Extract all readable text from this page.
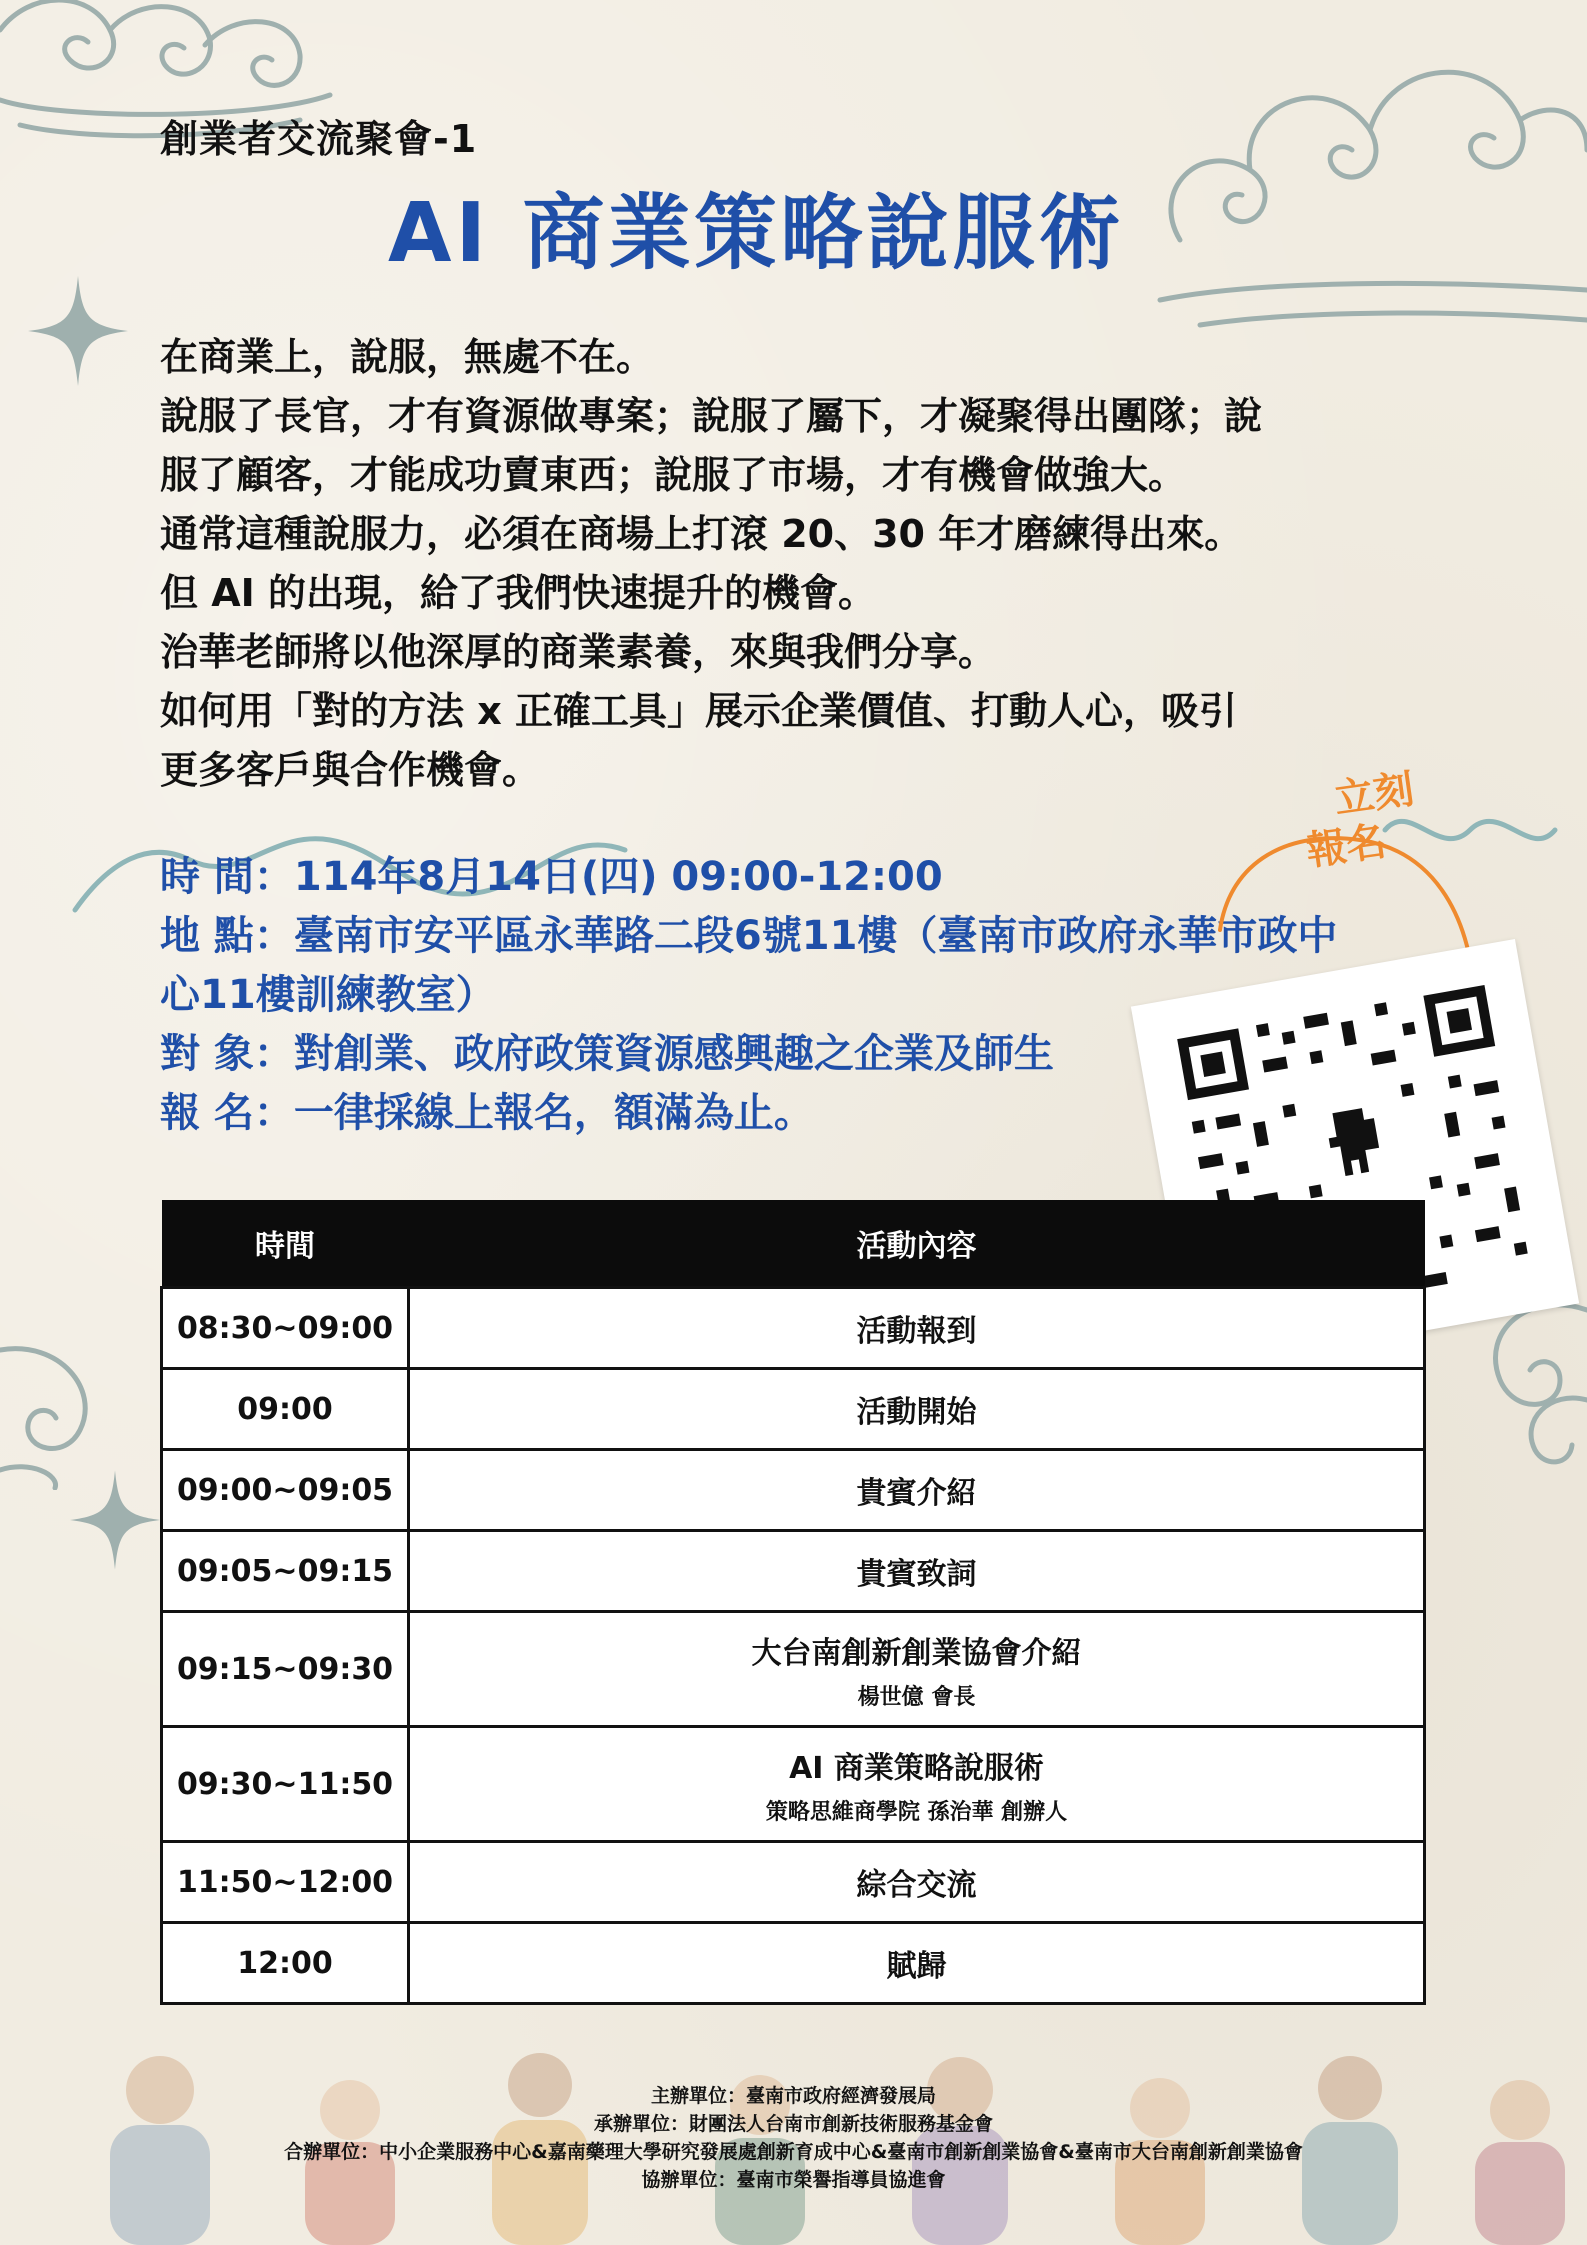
創業者交流聚會-1
AI 商業策略說服術

在商業上，說服，無處不在。

說服了長官，才有資源做專案；說服了屬下，才凝聚得出團隊；說

服了顧客，才能成功賣東西；說服了市場，才有機會做強大。

通常這種說服力，必須在商場上打滾 20、30 年才磨練得出來。

但 AI 的出現，給了我們快速提升的機會。

治華老師將以他深厚的商業素養，來與我們分享。

如何用「對的方法 x 正確工具」展示企業價值、打動人心，吸引

更多客戶與合作機會。

時 間：114年8月14日(四) 09:00-12:00

地 點：臺南市安平區永華路二段6號11樓（臺南市政府永華市政中

心11樓訓練教室）

對 象：對創業、政府政策資源感興趣之企業及師生

報 名：一律採線上報名，額滿為止。

立刻
報名
時間	活動內容
08:30~09:00	活動報到
09:00	活動開始
09:00~09:05	貴賓介紹
09:05~09:15	貴賓致詞
09:15~09:30	大台南創新創業協會介紹
楊世億 會長

09:30~11:50	AI 商業策略說服術
策略思維商學院 孫治華 創辦人

11:50~12:00	綜合交流
12:00	賦歸

主辦單位：臺南市政府經濟發展局

承辦單位：財團法人台南市創新技術服務基金會

合辦單位：中小企業服務中心&嘉南藥理大學研究發展處創新育成中心&臺南市創新創業協會&臺南市大台南創新創業協會

協辦單位：臺南市榮譽指導員協進會
